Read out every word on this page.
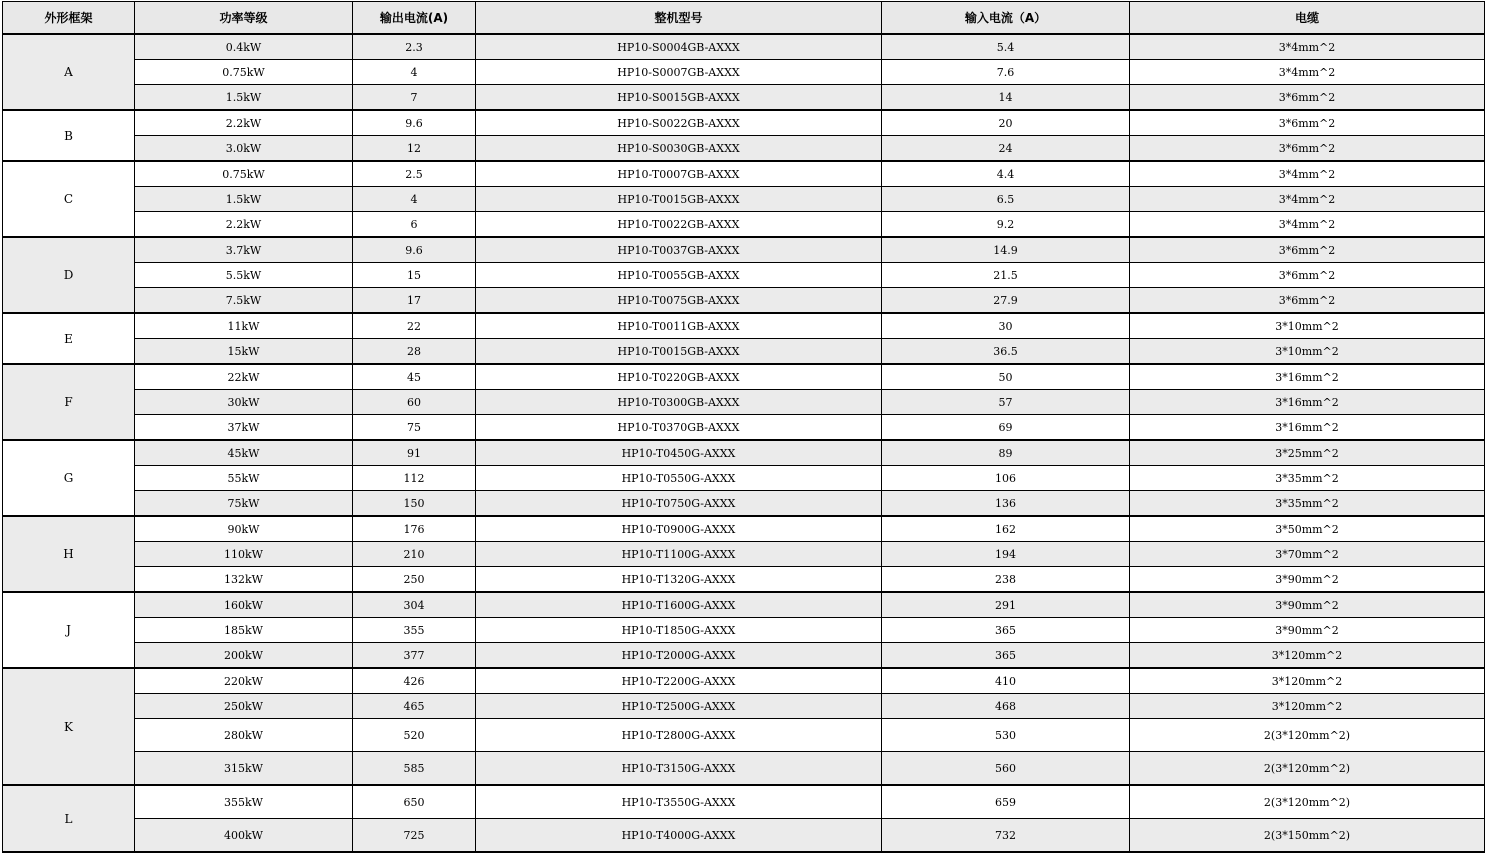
外形框架	功率等级	输出电流(A)	整机型号	输入电流（A）	电缆
A	0.4kW	2.3	HP10-S0004GB-AXXX	5.4	3*4mm^2
	0.75kW	4	HP10-S0007GB-AXXX	7.6	3*4mm^2
	1.5kW	7	HP10-S0015GB-AXXX	14	3*6mm^2
B	2.2kW	9.6	HP10-S0022GB-AXXX	20	3*6mm^2
	3.0kW	12	HP10-S0030GB-AXXX	24	3*6mm^2
C	0.75kW	2.5	HP10-T0007GB-AXXX	4.4	3*4mm^2
	1.5kW	4	HP10-T0015GB-AXXX	6.5	3*4mm^2
	2.2kW	6	HP10-T0022GB-AXXX	9.2	3*4mm^2
D	3.7kW	9.6	HP10-T0037GB-AXXX	14.9	3*6mm^2
	5.5kW	15	HP10-T0055GB-AXXX	21.5	3*6mm^2
	7.5kW	17	HP10-T0075GB-AXXX	27.9	3*6mm^2
E	11kW	22	HP10-T0011GB-AXXX	30	3*10mm^2
	15kW	28	HP10-T0015GB-AXXX	36.5	3*10mm^2
F	22kW	45	HP10-T0220GB-AXXX	50	3*16mm^2
	30kW	60	HP10-T0300GB-AXXX	57	3*16mm^2
	37kW	75	HP10-T0370GB-AXXX	69	3*16mm^2
G	45kW	91	HP10-T0450G-AXXX	89	3*25mm^2
	55kW	112	HP10-T0550G-AXXX	106	3*35mm^2
	75kW	150	HP10-T0750G-AXXX	136	3*35mm^2
H	90kW	176	HP10-T0900G-AXXX	162	3*50mm^2
	110kW	210	HP10-T1100G-AXXX	194	3*70mm^2
	132kW	250	HP10-T1320G-AXXX	238	3*90mm^2
J	160kW	304	HP10-T1600G-AXXX	291	3*90mm^2
	185kW	355	HP10-T1850G-AXXX	365	3*90mm^2
	200kW	377	HP10-T2000G-AXXX	365	3*120mm^2
K	220kW	426	HP10-T2200G-AXXX	410	3*120mm^2
	250kW	465	HP10-T2500G-AXXX	468	3*120mm^2
	280kW	520	HP10-T2800G-AXXX	530	2(3*120mm^2)
	315kW	585	HP10-T3150G-AXXX	560	2(3*120mm^2)
L	355kW	650	HP10-T3550G-AXXX	659	2(3*120mm^2)
	400kW	725	HP10-T4000G-AXXX	732	2(3*150mm^2)
